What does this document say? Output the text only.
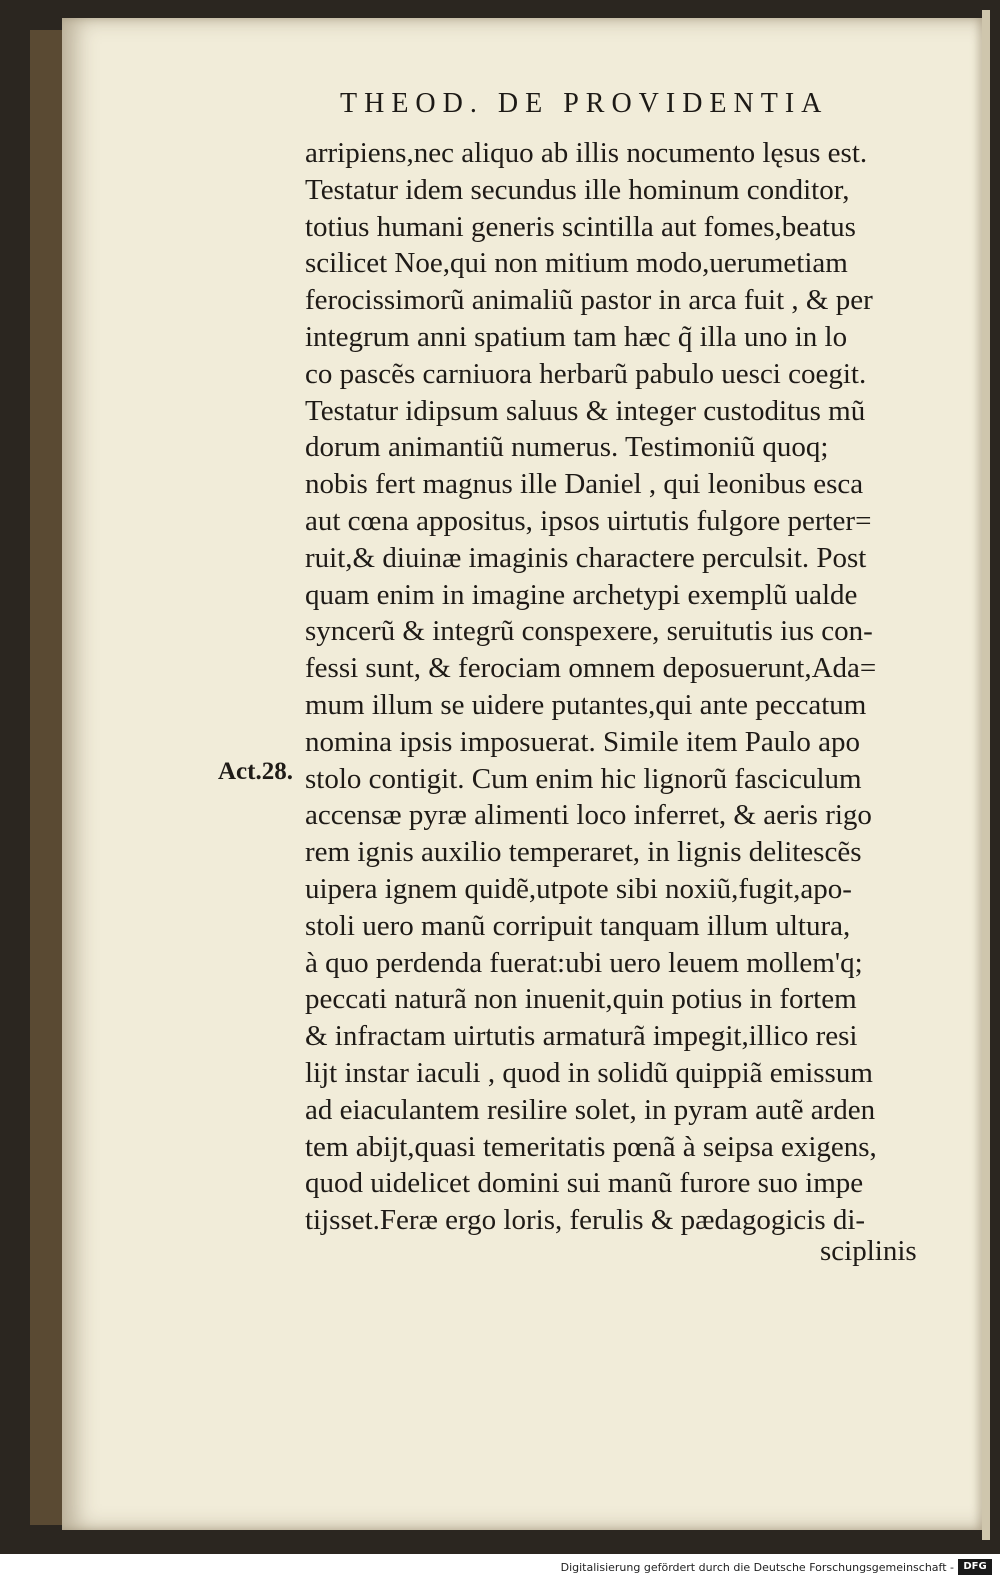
THEOD. DE PROVIDENTIA
arripiens,nec aliquo ab illis nocumento lęsus est.
Testatur idem secundus ille hominum conditor,
totius humani generis scintilla aut fomes,beatus
scilicet Noe,qui non mitium modo,uerumetiam
ferocissimorũ animaliũ pastor in arca fuit , & per
integrum anni spatium tam hæc q̃ illa uno in lo
co pascẽs carniuora herbarũ pabulo uesci coegit.
Testatur idipsum saluus & integer custoditus mũ
dorum animantiũ numerus. Testimoniũ quoq;
nobis fert magnus ille Daniel , qui leonibus esca
aut cœna appositus, ipsos uirtutis fulgore perter=
ruit,& diuinæ imaginis charactere perculsit. Post
quam enim in imagine archetypi exemplũ ualde
syncerũ & integrũ conspexere, seruitutis ius con-
fessi sunt, & ferociam omnem deposuerunt,Ada=
mum illum se uidere putantes,qui ante peccatum
nomina ipsis imposuerat. Simile item Paulo apo
stolo contigit. Cum enim hic lignorũ fasciculum
accensæ pyræ alimenti loco inferret, & aeris rigo
rem ignis auxilio temperaret, in lignis delitescẽs
uipera ignem quidẽ,utpote sibi noxiũ,fugit,apo-
stoli uero manũ corripuit tanquam illum ultura,
à quo perdenda fuerat:ubi uero leuem mollem'q;
peccati naturã non inuenit,quin potius in fortem
& infractam uirtutis armaturã impegit,illico resi
lijt instar iaculi , quod in solidũ quippiã emissum
ad eiaculantem resilire solet, in pyram autẽ arden
tem abijt,quasi temeritatis pœnã à seipsa exigens,
quod uidelicet domini sui manũ furore suo impe
tijsset.Feræ ergo loris, ferulis & pædagogicis di-
Act.28.
sciplinis
Digitalisierung gefördert durch die Deutsche Forschungsgemeinschaft - DFG
